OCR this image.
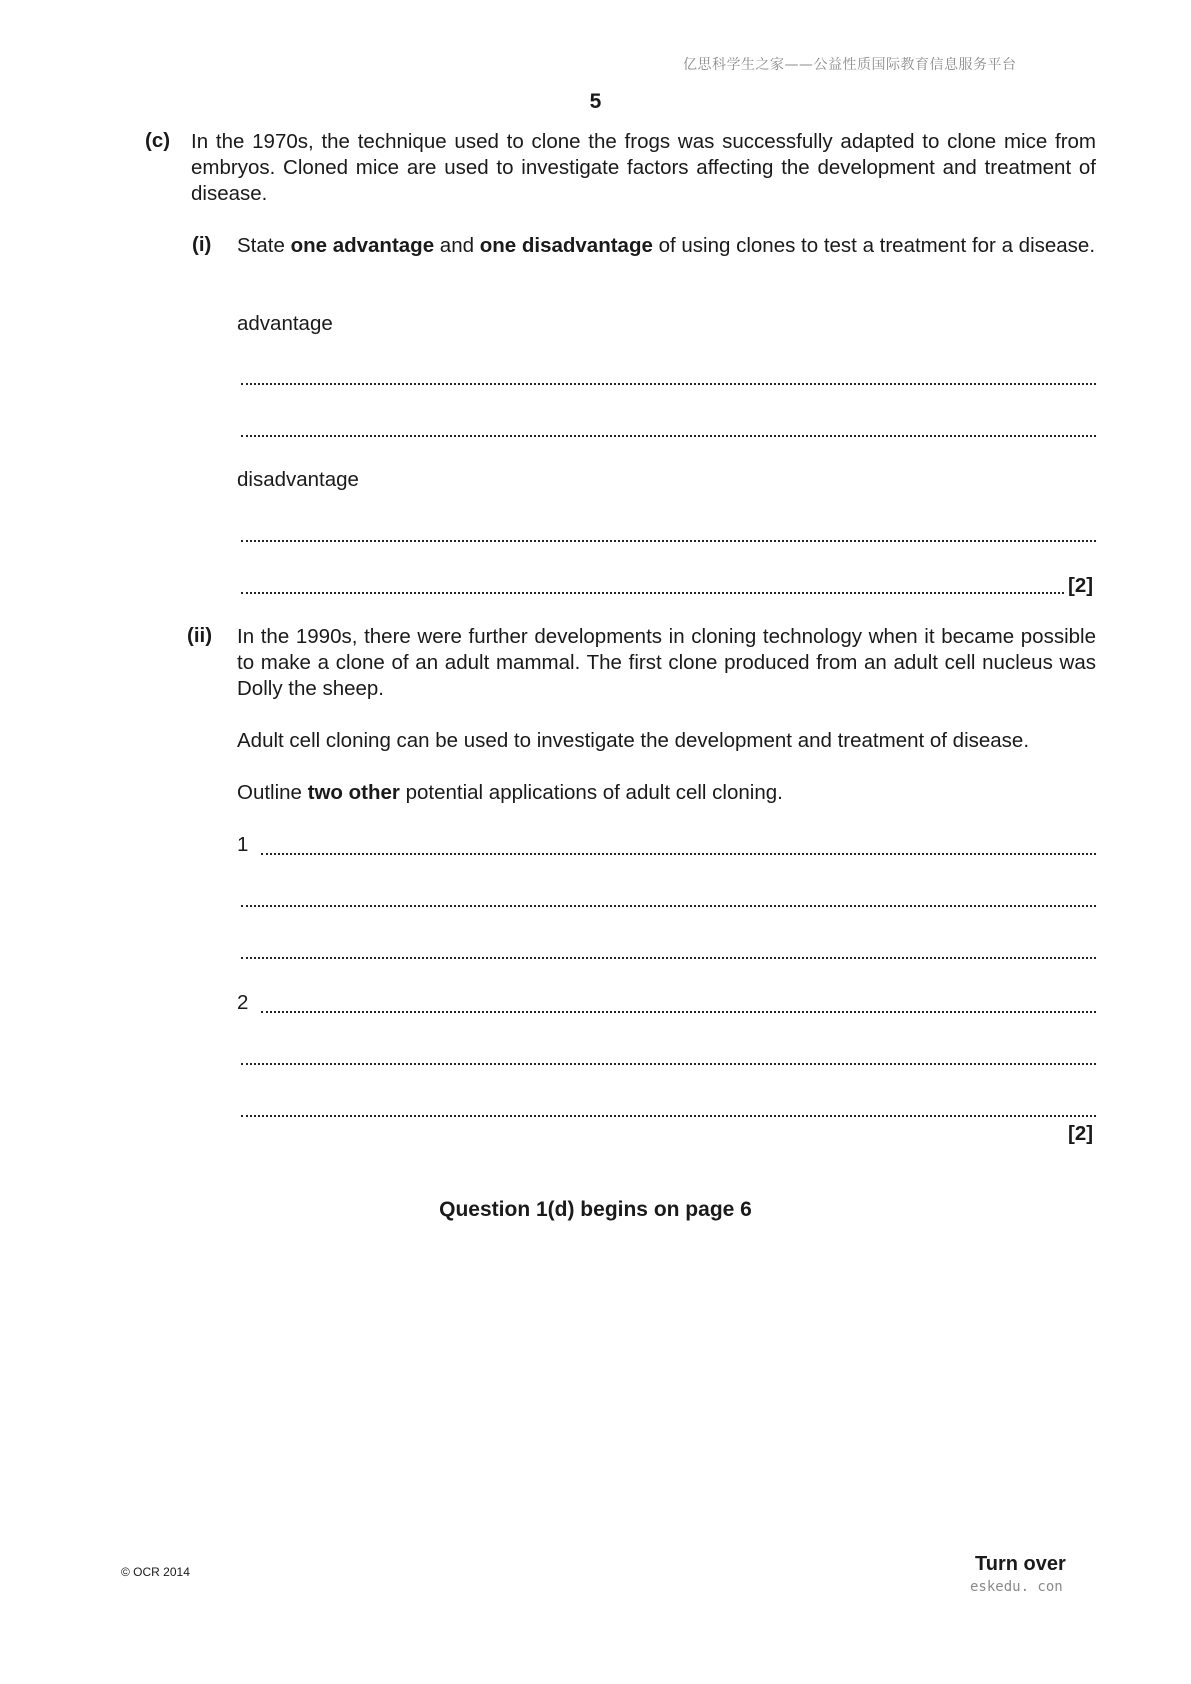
亿思科学生之家——公益性质国际教育信息服务平台
5
(c) In the 1970s, the technique used to clone the frogs was successfully adapted to clone mice from embryos. Cloned mice are used to investigate factors affecting the development and treatment of disease.
(i) State one advantage and one disadvantage of using clones to test a treatment for a disease.
advantage
disadvantage
[2]
(ii) In the 1990s, there were further developments in cloning technology when it became possible to make a clone of an adult mammal. The first clone produced from an adult cell nucleus was Dolly the sheep.
Adult cell cloning can be used to investigate the development and treatment of disease.
Outline two other potential applications of adult cell cloning.
1
2
[2]
Question 1(d) begins on page 6
© OCR 2014	Turn over
eskedu. con
